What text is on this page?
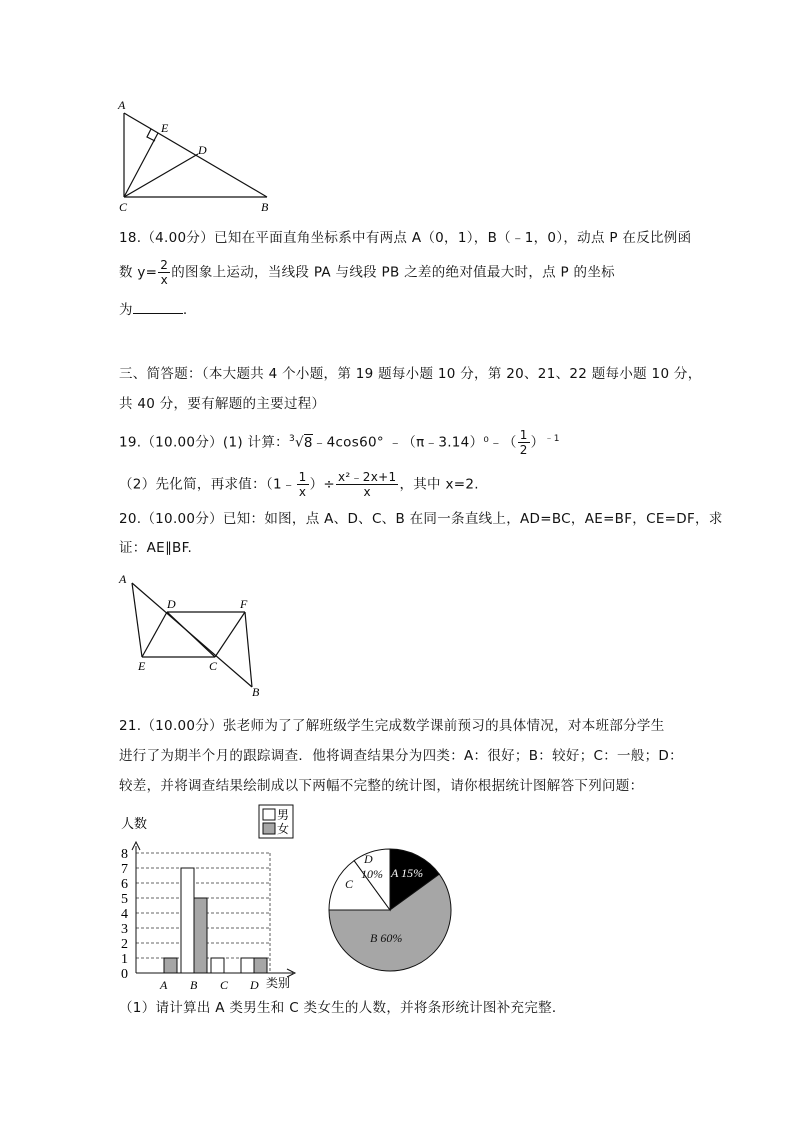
A
E
D
C	B
18.（4.00分）已知在平面直角坐标系中有两点 A（0，1），B（﹣1，0），动点 P 在反比例函
数 $y= \frac{2}{x}$ 的图象上运动，当线段 PA 与线段 PB 之差的绝对值最大时，点 P 的坐标
为	.
三、简答题：（本大题共 4 个小题，第 19 题每小题 10 分，第 20、21、22 题每小题 10 分，
共 40 分，要有解题的主要过程）
19.（10.00分）(1) 计算：$^3$√8﹣4cos60° ﹣（π﹣3.14）⁰﹣（ $\frac{1}{2} )^{﹣1}$
（2）先化简，再求值：（1﹣ $\frac{1}{x}$ ）÷ $\frac{\text{x²﹣2x+1}}{x}$ ，其中 x=2.
20.（10.00分）已知：如图，点 A、D、C、B 在同一条直线上，AD=BC，AE=BF，CE=DF，求
证：AE∥BF.
A
D	F
E	C
B
21.（10.00分）张老师为了了解班级学生完成数学课前预习的具体情况，对本班部分学生
进行了为期半个月的跟踪调查．他将调查结果分为四类：A：很好；B：较好；C：一般；D：
较差，并将调查结果绘制成以下两幅不完整的统计图，请你根据统计图解答下列问题：
0
1
2
3
4
5
6
7
8
A B C D
男
女
人数
类别
A 15%
B 60%
C
D
10%
（1）请计算出 A 类男生和 C 类女生的人数，并将条形统计图补充完整．
